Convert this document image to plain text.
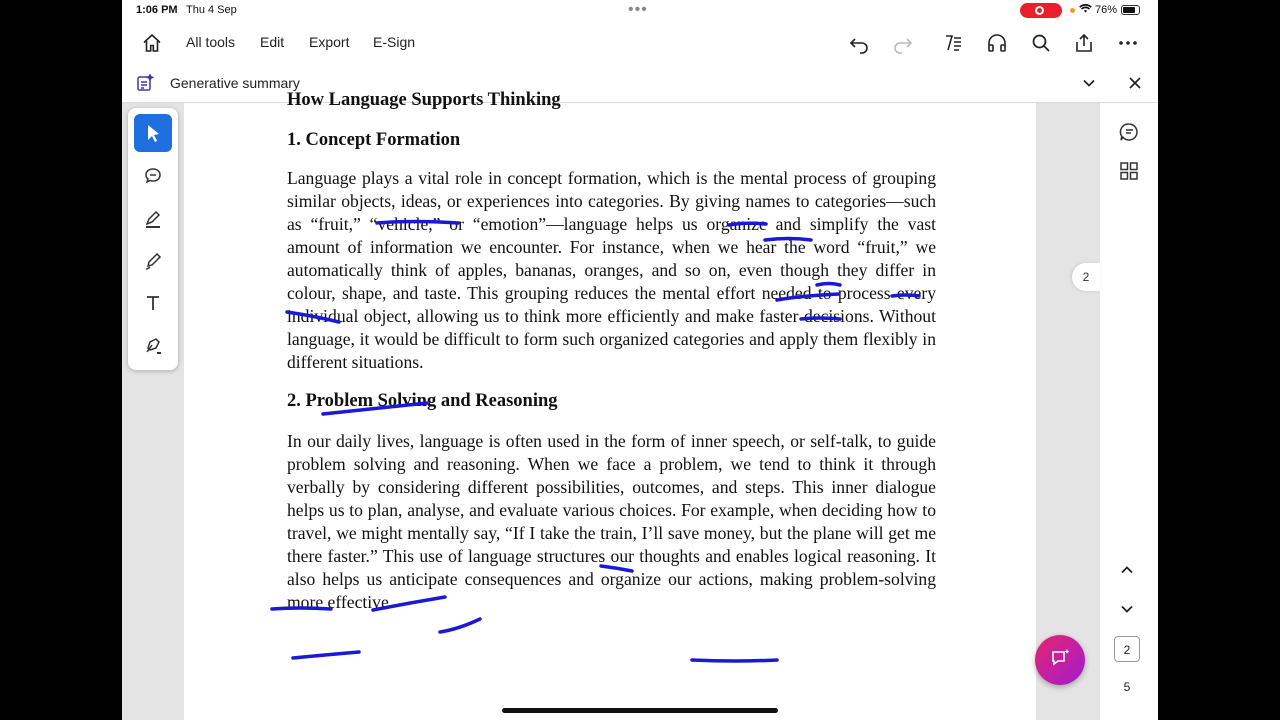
1:06 PM Thu 4 Sep	•••	76%
All tools Edit Export E-Sign
Generative summary
How Language Supports Thinking
1. Concept Formation

Language plays a vital role in concept formation, which is the mental process of grouping similar objects, ideas, or experiences into categories. By giving names to categories—such as “fruit,” “vehicle,” or “emotion”—language helps us organize and simplify the vast amount of information we encounter. For instance, when we hear the word “fruit,” we automatically think of apples, bananas, oranges, and so on, even though they differ in colour, shape, and taste. This grouping reduces the mental effort needed to process every individual object, allowing us to think more efficiently and make faster decisions. Without language, it would be difficult to form such organized categories and apply them flexibly in different situations.

2. Problem Solving and Reasoning

In our daily lives, language is often used in the form of inner speech, or self-talk, to guide problem solving and reasoning. When we face a problem, we tend to think it through verbally by considering different possibilities, outcomes, and steps. This inner dialogue helps us to plan, analyse, and evaluate various choices. For example, when deciding how to travel, we might mentally say, “If I take the train, I’ll save money, but the plane will get me there faster.” This use of language structures our thoughts and enables logical reasoning. It also helps us anticipate consequences and organize our actions, making problem-solving more effective.

2
2
5
